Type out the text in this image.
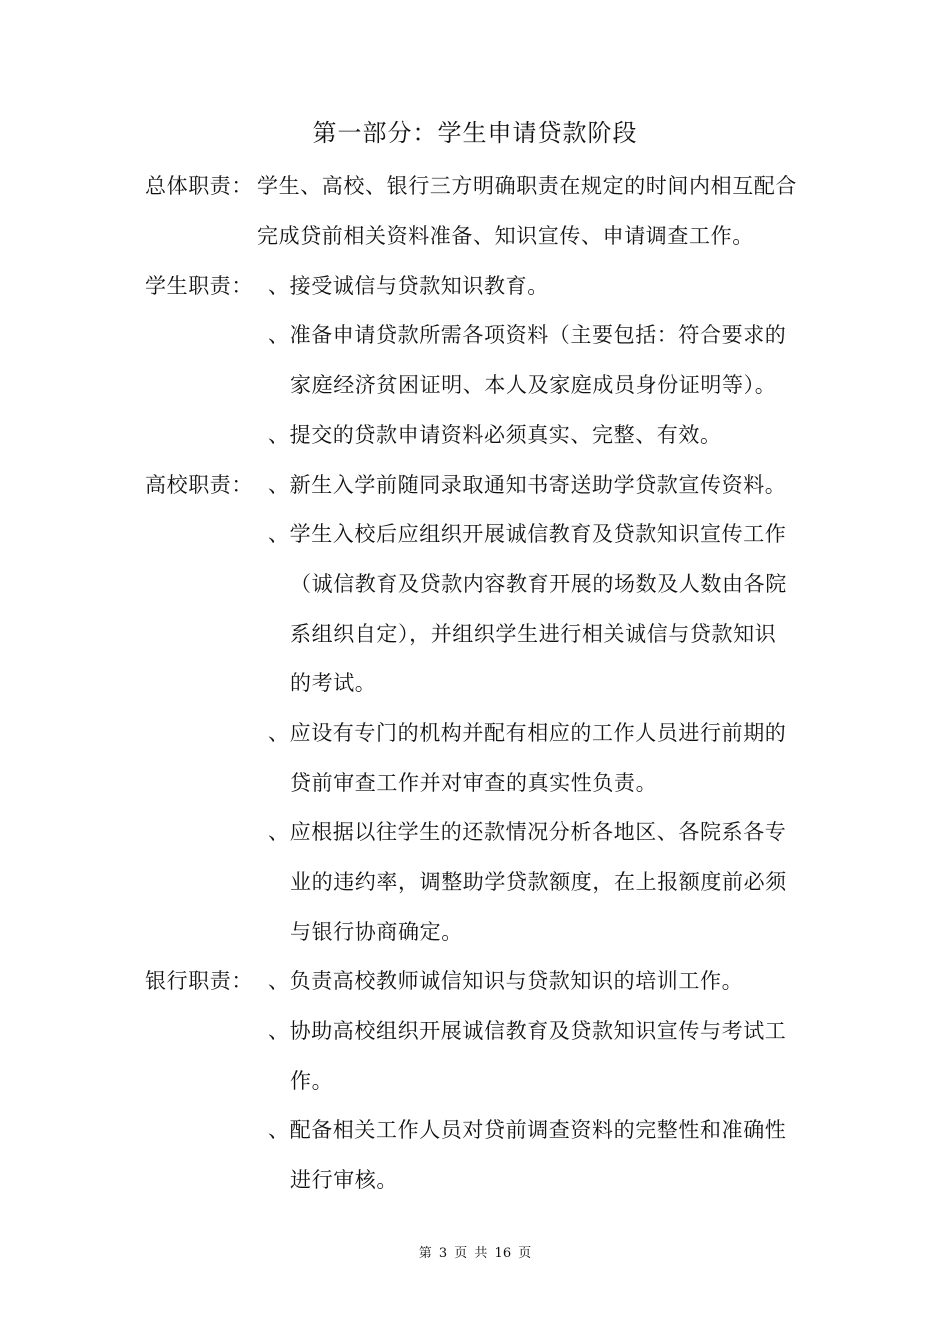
第一部分：学生申请贷款阶段
总体职责： 学生、高校、银行三方明确职责在规定的时间内相互配合
完成贷前相关资料准备、知识宣传、申请调查工作。
学生职责： 、接受诚信与贷款知识教育。
、准备申请贷款所需各项资料（主要包括：符合要求的
家庭经济贫困证明、本人及家庭成员身份证明等）。
、提交的贷款申请资料必须真实、完整、有效。
高校职责： 、新生入学前随同录取通知书寄送助学贷款宣传资料。
、学生入校后应组织开展诚信教育及贷款知识宣传工作
（诚信教育及贷款内容教育开展的场数及人数由各院
系组织自定），并组织学生进行相关诚信与贷款知识
的考试。
、应设有专门的机构并配有相应的工作人员进行前期的
贷前审查工作并对审查的真实性负责。
、应根据以往学生的还款情况分析各地区、各院系各专
业的违约率，调整助学贷款额度，在上报额度前必须
与银行协商确定。
银行职责： 、负责高校教师诚信知识与贷款知识的培训工作。
、协助高校组织开展诚信教育及贷款知识宣传与考试工
作。
、配备相关工作人员对贷前调查资料的完整性和准确性
进行审核。
第 3 页 共 16 页
